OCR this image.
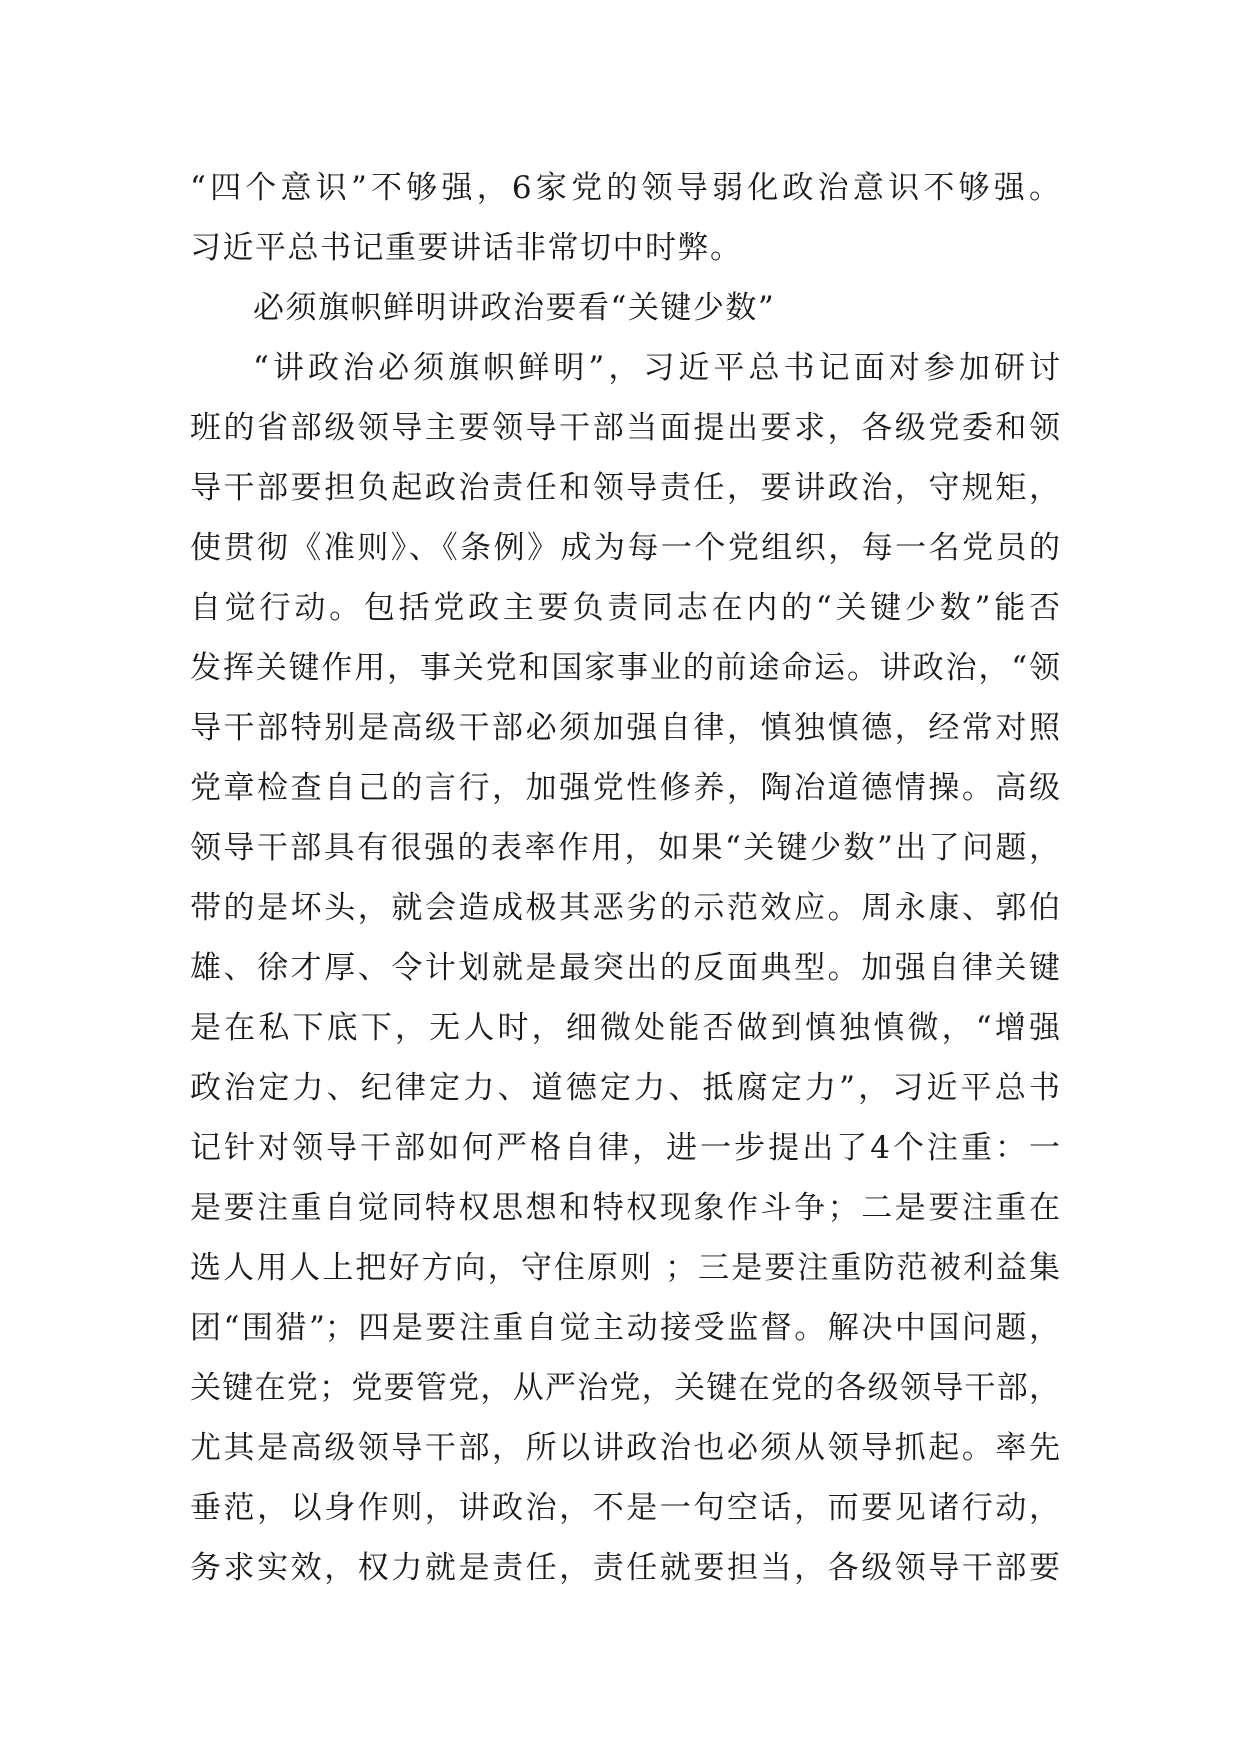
“四个意识”不够强，6家党的领导弱化政治意识不够强。
习近平总书记重要讲话非常切中时弊。
必须旗帜鲜明讲政治要看“关键少数”
“讲政治必须旗帜鲜明”，习近平总书记面对参加研讨
班的省部级领导主要领导干部当面提出要求，各级党委和领
导干部要担负起政治责任和领导责任，要讲政治，守规矩，
使贯彻《准则》、《条例》成为每一个党组织，每一名党员的
自觉行动。包括党政主要负责同志在内的“关键少数”能否
发挥关键作用，事关党和国家事业的前途命运。讲政治，“领
导干部特别是高级干部必须加强自律，慎独慎德，经常对照
党章检查自己的言行，加强党性修养，陶冶道德情操。高级
领导干部具有很强的表率作用，如果“关键少数”出了问题，
带的是坏头，就会造成极其恶劣的示范效应。周永康、郭伯
雄、徐才厚、令计划就是最突出的反面典型。加强自律关键
是在私下底下，无人时，细微处能否做到慎独慎微，“增强
政治定力、纪律定力、道德定力、抵腐定力”，习近平总书
记针对领导干部如何严格自律，进一步提出了4个注重：一
是要注重自觉同特权思想和特权现象作斗争；二是要注重在
选人用人上把好方向，守住原则 ；三是要注重防范被利益集
团“围猎”；四是要注重自觉主动接受监督。解决中国问题，
关键在党；党要管党，从严治党，关键在党的各级领导干部，
尤其是高级领导干部，所以讲政治也必须从领导抓起。率先
垂范，以身作则，讲政治，不是一句空话，而要见诸行动，
务求实效，权力就是责任，责任就要担当，各级领导干部要
